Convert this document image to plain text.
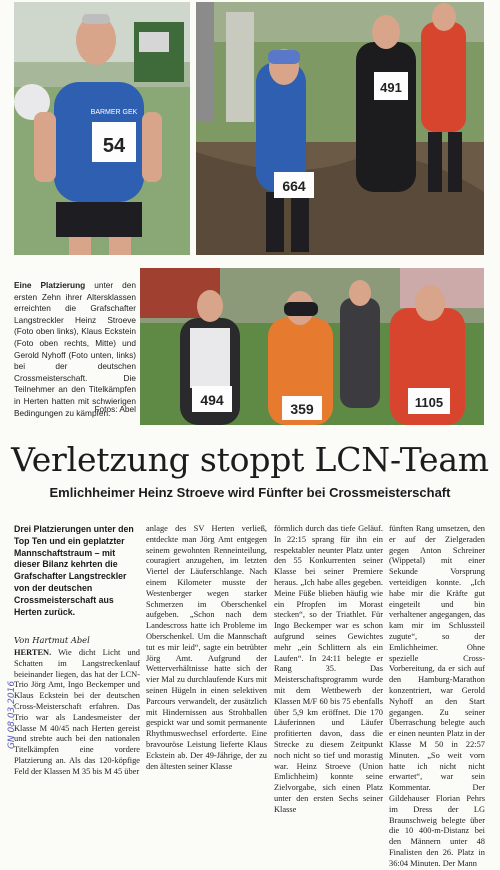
54
BARMER GEK
664
491
494
359	1105

Eine Platzierung unter den ersten Zehn ihrer Altersklassen erreichten die Grafschafter Langstreckler Heinz Stroeve (Foto oben links), Klaus Eckstein (Foto oben rechts, Mitte) und Gerold Nyhoff (Foto unten, links) bei der deutschen Crossmeisterschaft. Die Teilnehmer an den Titelkämpfen in Herten hatten mit schwierigen Bedingungen zu kämpfen.

Fotos: Abel
Verletzung stoppt LCN-Team
Emlichheimer Heinz Stroeve wird Fünfter bei Crossmeisterschaft

Drei Platzierungen unter den Top Ten und ein geplatzter Mannschaftstraum – mit dieser Bilanz kehrten die Grafschafter Langstreckler von der deutschen Crossmeisterschaft aus Herten zurück.

Von Hartmut Abel

HERTEN. Wie dicht Licht und Schatten im Langstreckenlauf beieinander liegen, das hat der LCN-Trio Jörg Amt, Ingo Beckemper und Klaus Eckstein bei der deutschen Cross-Meisterschaft erfahren. Das Trio war als Landesmeister der Klasse M 40/45 nach Herten gereist und strebte auch bei den nationalen Titelkämpfen eine vordere Platzierung an. Als das 120-köpfige Feld der Klassen M 35 bis M 45 über

anlage des SV Herten verließ, entdeckte man Jörg Amt entgegen seinem gewohnten Renneinteilung, couragiert anzugehen, im letzten Viertel der Läuferschlange. Nach einem Kilometer musste der Westenberger wegen starker Schmerzen im Oberschenkel aufgeben. „Schon nach dem Landescross hatte ich Probleme im Oberschenkel. Um die Mannschaft tut es mir leid“, sagte ein betrübter Jörg Amt. Aufgrund der Wetterverhältnisse hatte sich der vier Mal zu durchlaufende Kurs mit seinen Hügeln in einen selektiven Parcours verwandelt, der zusätzlich mit Hindernissen aus Strohballen gespickt war und somit permanente Rhythmuswechsel erforderte. Eine bravouröse Leistung lieferte Klaus Eckstein ab. Der 49-Jährige, der zu den ältesten seiner Klasse

förmlich durch das tiefe Geläuf. In 22:15 sprang für ihn ein respektabler neunter Platz unter den 55 Konkurrenten seiner Klasse bei seiner Premiere heraus. „Ich habe alles gegeben. Meine Füße blieben häufig wie ein Pfropfen im Morast stecken“, so der Triathlet. Für Ingo Beckemper war es schon aufgrund seines Gewichtes mehr „ein Schlittern als ein Laufen“. In 24:11 belegte er Rang 35. Das Meisterschaftsprogramm wurde mit dem Wettbewerb der Klassen M/F 60 bis 75 ebenfalls über 5,9 km eröffnet. Die 170 Läuferinnen und Läufer profitierten davon, dass die Strecke zu diesem Zeitpunkt noch nicht so tief und morastig war. Heinz Stroeve (Union Emlichheim) konnte seine Zielvorgabe, sich einen Platz unter den ersten Sechs seiner Klasse

fünften Rang umsetzen, den er auf der Zielgeraden gegen Anton Schreiner (Wippetal) mit einer Sekunde Vorsprung verteidigen konnte. „Ich habe mir die Kräfte gut eingeteilt und bin verhaltener angegangen, das kam mir im Schlussteil zugute“, so der Emlichheimer. Ohne spezielle Cross-Vorbereitung, da er sich auf den Hamburg-Marathon konzentriert, war Gerold Nyhoff an den Start gegangen. Zu seiner Überraschung belegte auch er einen neunten Platz in der Klasse M 50 in 22:57 Minuten. „So weit vorn hatte ich nicht nicht erwartet“, war sein Kommentar. Der Gildehauser Florian Pehrs im Dress der LG Braunschweig belegte über die 10 400-m-Distanz bei den Männern unter 48 Finalisten den 26. Platz in 36:04 Minuten. Der Mann

GN 08.03.2016
